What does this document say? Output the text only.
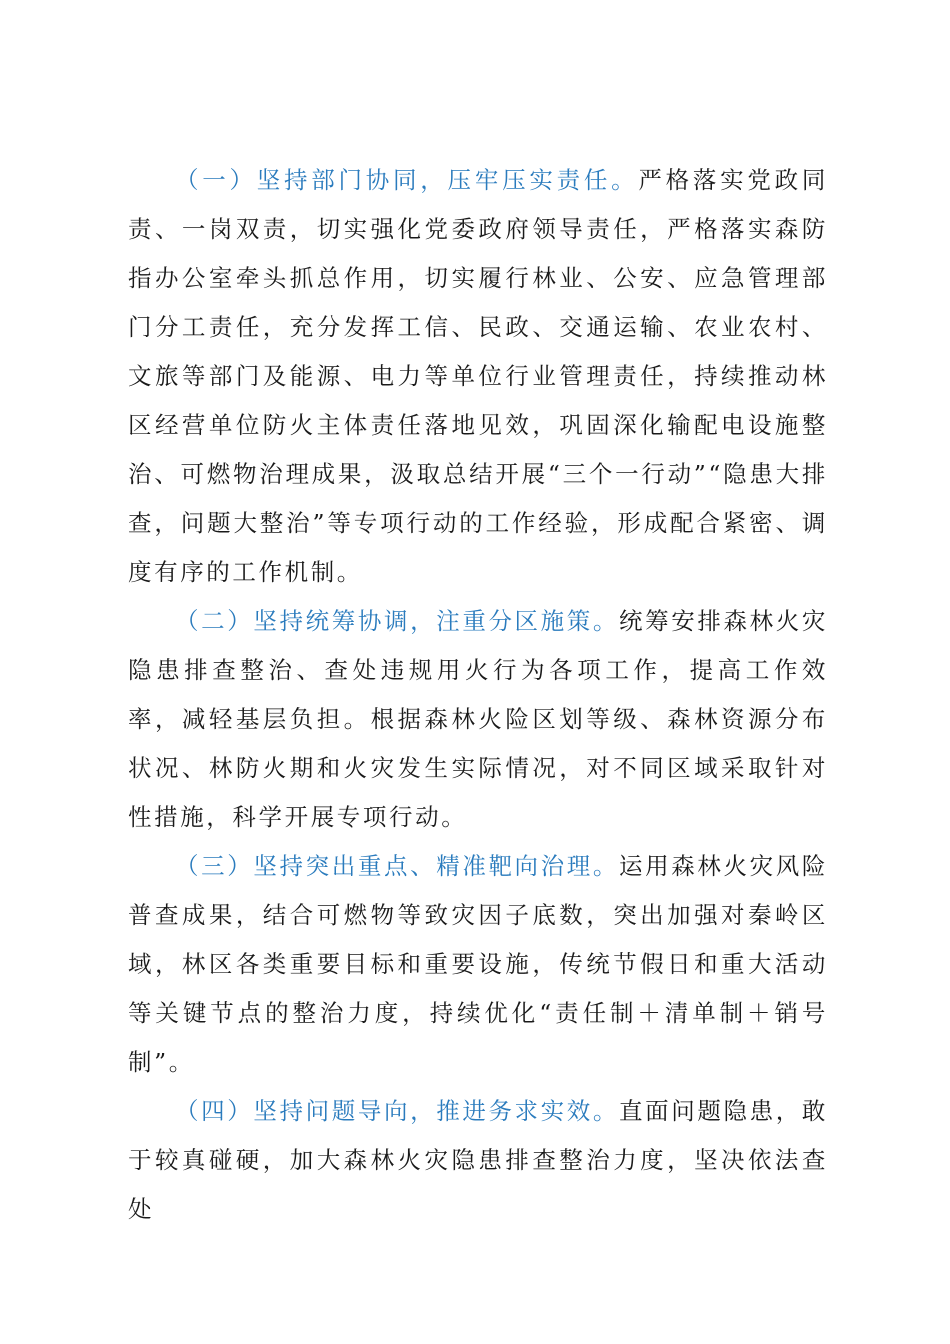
（一）坚持部门协同，压牢压实责任。严格落实党政同责、一岗双责，切实强化党委政府领导责任，严格落实森防指办公室牵头抓总作用，切实履行林业、公安、应急管理部门分工责任，充分发挥工信、民政、交通运输、农业农村、文旅等部门及能源、电力等单位行业管理责任，持续推动林区经营单位防火主体责任落地见效，巩固深化输配电设施整治、可燃物治理成果，汲取总结开展“三个一行动”“隐患大排查，问题大整治”等专项行动的工作经验，形成配合紧密、调度有序的工作机制。

（二）坚持统筹协调，注重分区施策。统筹安排森林火灾隐患排查整治、查处违规用火行为各项工作，提高工作效率，减轻基层负担。根据森林火险区划等级、森林资源分布状况、林防火期和火灾发生实际情况，对不同区域采取针对性措施，科学开展专项行动。

（三）坚持突出重点、精准靶向治理。运用森林火灾风险普查成果，结合可燃物等致灾因子底数，突出加强对秦岭区域，林区各类重要目标和重要设施，传统节假日和重大活动等关键节点的整治力度，持续优化“责任制＋清单制＋销号制”。

（四）坚持问题导向，推进务求实效。直面问题隐患，敢于较真碰硬，加大森林火灾隐患排查整治力度，坚决依法查处
